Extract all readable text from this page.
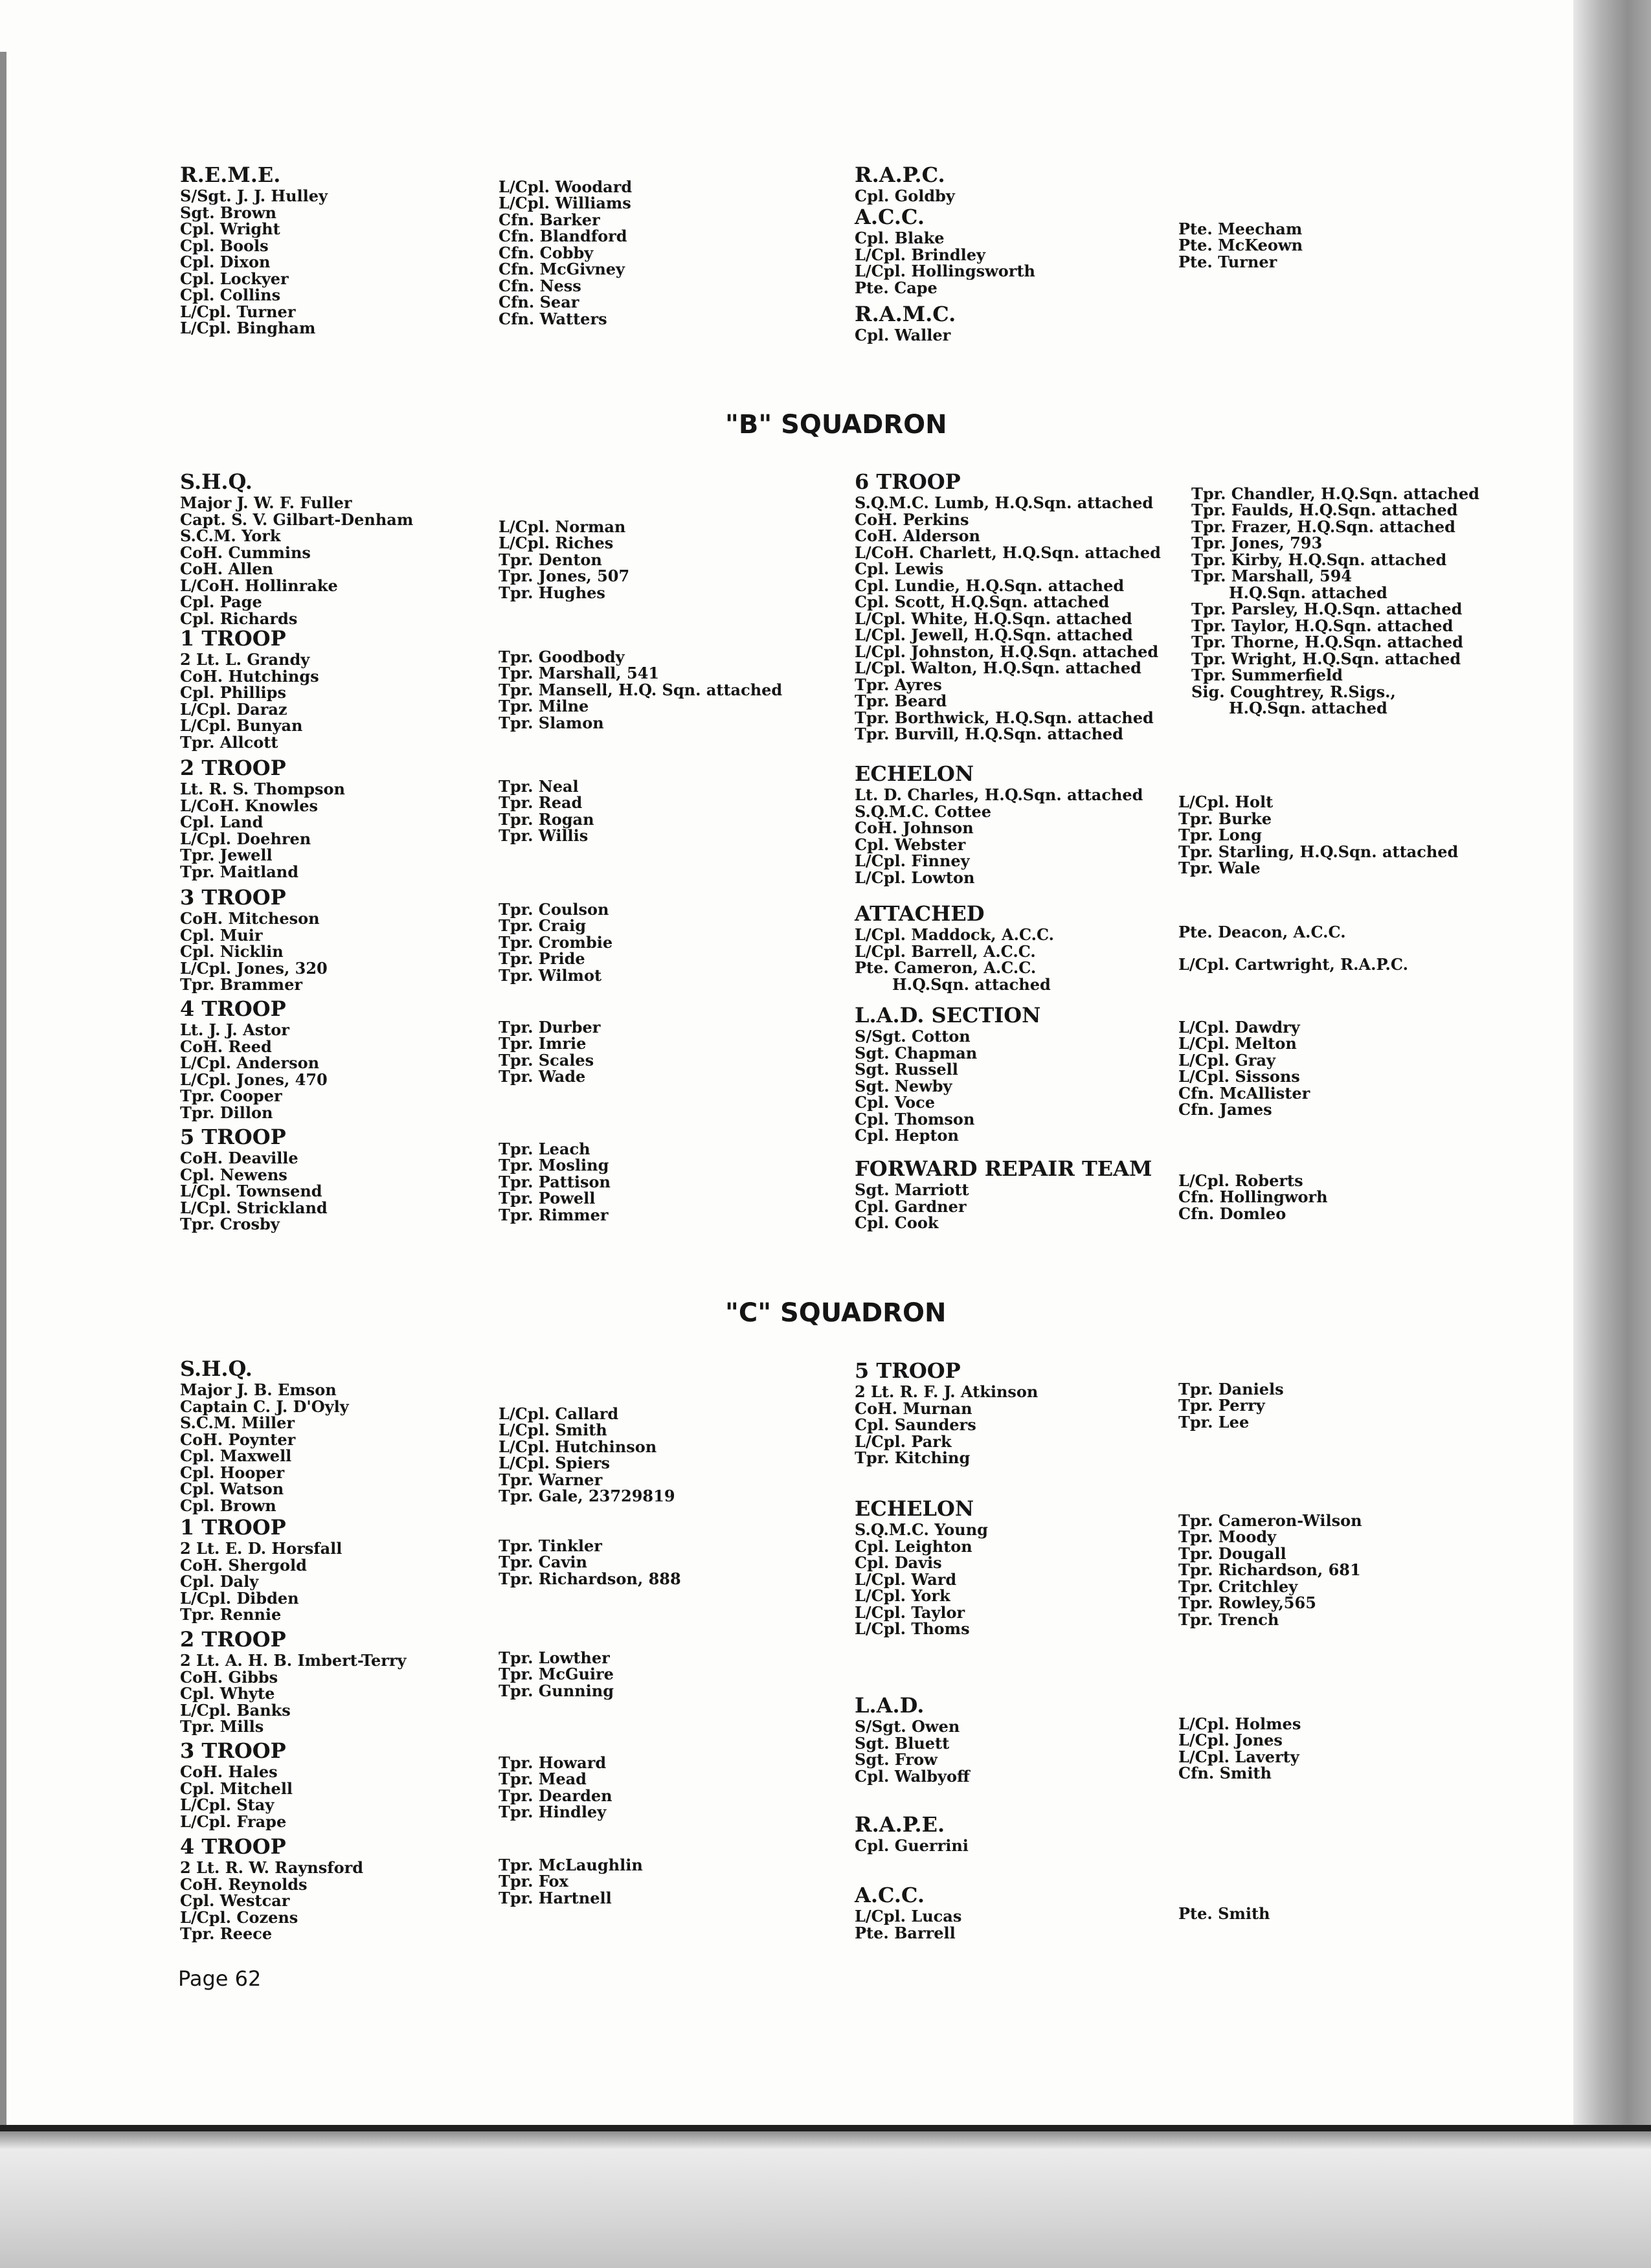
R.E.M.E.
S/Sgt. J. J. Hulley
Sgt. Brown
Cpl. Wright
Cpl. Bools
Cpl. Dixon
Cpl. Lockyer
Cpl. Collins
L/Cpl. Turner
L/Cpl. Bingham
L/Cpl. Woodard
L/Cpl. Williams
Cfn. Barker
Cfn. Blandford
Cfn. Cobby
Cfn. McGivney
Cfn. Ness
Cfn. Sear
Cfn. Watters
R.A.P.C.
Cpl. Goldby
A.C.C.
Cpl. Blake
L/Cpl. Brindley
L/Cpl. Hollingsworth
Pte. Cape
Pte. Meecham
Pte. McKeown
Pte. Turner
R.A.M.C.
Cpl. Waller
"B" SQUADRON
S.H.Q.
Major J. W. F. Fuller
Capt. S. V. Gilbart-Denham
S.C.M. York
CoH. Cummins
CoH. Allen
L/CoH. Hollinrake
Cpl. Page
Cpl. Richards
L/Cpl. Norman
L/Cpl. Riches
Tpr. Denton
Tpr. Jones, 507
Tpr. Hughes
1 TROOP
2 Lt. L. Grandy
CoH. Hutchings
Cpl. Phillips
L/Cpl. Daraz
L/Cpl. Bunyan
Tpr. Allcott
Tpr. Goodbody
Tpr. Marshall, 541
Tpr. Mansell, H.Q. Sqn. attached
Tpr. Milne
Tpr. Slamon
2 TROOP
Lt. R. S. Thompson
L/CoH. Knowles
Cpl. Land
L/Cpl. Doehren
Tpr. Jewell
Tpr. Maitland
Tpr. Neal
Tpr. Read
Tpr. Rogan
Tpr. Willis
3 TROOP
CoH. Mitcheson
Cpl. Muir
Cpl. Nicklin
L/Cpl. Jones, 320
Tpr. Brammer
Tpr. Coulson
Tpr. Craig
Tpr. Crombie
Tpr. Pride
Tpr. Wilmot
4 TROOP
Lt. J. J. Astor
CoH. Reed
L/Cpl. Anderson
L/Cpl. Jones, 470
Tpr. Cooper
Tpr. Dillon
Tpr. Durber
Tpr. Imrie
Tpr. Scales
Tpr. Wade
5 TROOP
CoH. Deaville
Cpl. Newens
L/Cpl. Townsend
L/Cpl. Strickland
Tpr. Crosby
Tpr. Leach
Tpr. Mosling
Tpr. Pattison
Tpr. Powell
Tpr. Rimmer
6 TROOP
S.Q.M.C. Lumb, H.Q.Sqn. attached
CoH. Perkins
CoH. Alderson
L/CoH. Charlett, H.Q.Sqn. attached
Cpl. Lewis
Cpl. Lundie, H.Q.Sqn. attached
Cpl. Scott, H.Q.Sqn. attached
L/Cpl. White, H.Q.Sqn. attached
L/Cpl. Jewell, H.Q.Sqn. attached
L/Cpl. Johnston, H.Q.Sqn. attached
L/Cpl. Walton, H.Q.Sqn. attached
Tpr. Ayres
Tpr. Beard
Tpr. Borthwick, H.Q.Sqn. attached
Tpr. Burvill, H.Q.Sqn. attached
Tpr. Chandler, H.Q.Sqn. attached
Tpr. Faulds, H.Q.Sqn. attached
Tpr. Frazer, H.Q.Sqn. attached
Tpr. Jones, 793
Tpr. Kirby, H.Q.Sqn. attached
Tpr. Marshall, 594
H.Q.Sqn. attached
Tpr. Parsley, H.Q.Sqn. attached
Tpr. Taylor, H.Q.Sqn. attached
Tpr. Thorne, H.Q.Sqn. attached
Tpr. Wright, H.Q.Sqn. attached
Tpr. Summerfield
Sig. Coughtrey, R.Sigs.,
H.Q.Sqn. attached
ECHELON
Lt. D. Charles, H.Q.Sqn. attached
S.Q.M.C. Cottee
CoH. Johnson
Cpl. Webster
L/Cpl. Finney
L/Cpl. Lowton
L/Cpl. Holt
Tpr. Burke
Tpr. Long
Tpr. Starling, H.Q.Sqn. attached
Tpr. Wale
ATTACHED
L/Cpl. Maddock, A.C.C.
L/Cpl. Barrell, A.C.C.
Pte. Cameron, A.C.C.
H.Q.Sqn. attached
Pte. Deacon, A.C.C.
L/Cpl. Cartwright, R.A.P.C.
L.A.D. SECTION
S/Sgt. Cotton
Sgt. Chapman
Sgt. Russell
Sgt. Newby
Cpl. Voce
Cpl. Thomson
Cpl. Hepton
L/Cpl. Dawdry
L/Cpl. Melton
L/Cpl. Gray
L/Cpl. Sissons
Cfn. McAllister
Cfn. James
FORWARD REPAIR TEAM
Sgt. Marriott
Cpl. Gardner
Cpl. Cook
L/Cpl. Roberts
Cfn. Hollingworh
Cfn. Domleo
"C" SQUADRON
S.H.Q.
Major J. B. Emson
Captain C. J. D'Oyly
S.C.M. Miller
CoH. Poynter
Cpl. Maxwell
Cpl. Hooper
Cpl. Watson
Cpl. Brown
L/Cpl. Callard
L/Cpl. Smith
L/Cpl. Hutchinson
L/Cpl. Spiers
Tpr. Warner
Tpr. Gale, 23729819
1 TROOP
2 Lt. E. D. Horsfall
CoH. Shergold
Cpl. Daly
L/Cpl. Dibden
Tpr. Rennie
Tpr. Tinkler
Tpr. Cavin
Tpr. Richardson, 888
2 TROOP
2 Lt. A. H. B. Imbert-Terry
CoH. Gibbs
Cpl. Whyte
L/Cpl. Banks
Tpr. Mills
Tpr. Lowther
Tpr. McGuire
Tpr. Gunning
3 TROOP
CoH. Hales
Cpl. Mitchell
L/Cpl. Stay
L/Cpl. Frape
Tpr. Howard
Tpr. Mead
Tpr. Dearden
Tpr. Hindley
4 TROOP
2 Lt. R. W. Raynsford
CoH. Reynolds
Cpl. Westcar
L/Cpl. Cozens
Tpr. Reece
Tpr. McLaughlin
Tpr. Fox
Tpr. Hartnell
5 TROOP
2 Lt. R. F. J. Atkinson
CoH. Murnan
Cpl. Saunders
L/Cpl. Park
Tpr. Kitching
Tpr. Daniels
Tpr. Perry
Tpr. Lee
ECHELON
S.Q.M.C. Young
Cpl. Leighton
Cpl. Davis
L/Cpl. Ward
L/Cpl. York
L/Cpl. Taylor
L/Cpl. Thoms
Tpr. Cameron-Wilson
Tpr. Moody
Tpr. Dougall
Tpr. Richardson, 681
Tpr. Critchley
Tpr. Rowley,565
Tpr. Trench
L.A.D.
S/Sgt. Owen
Sgt. Bluett
Sgt. Frow
Cpl. Walbyoff
L/Cpl. Holmes
L/Cpl. Jones
L/Cpl. Laverty
Cfn. Smith
R.A.P.E.
Cpl. Guerrini
A.C.C.
L/Cpl. Lucas
Pte. Barrell
Pte. Smith
Page 62
